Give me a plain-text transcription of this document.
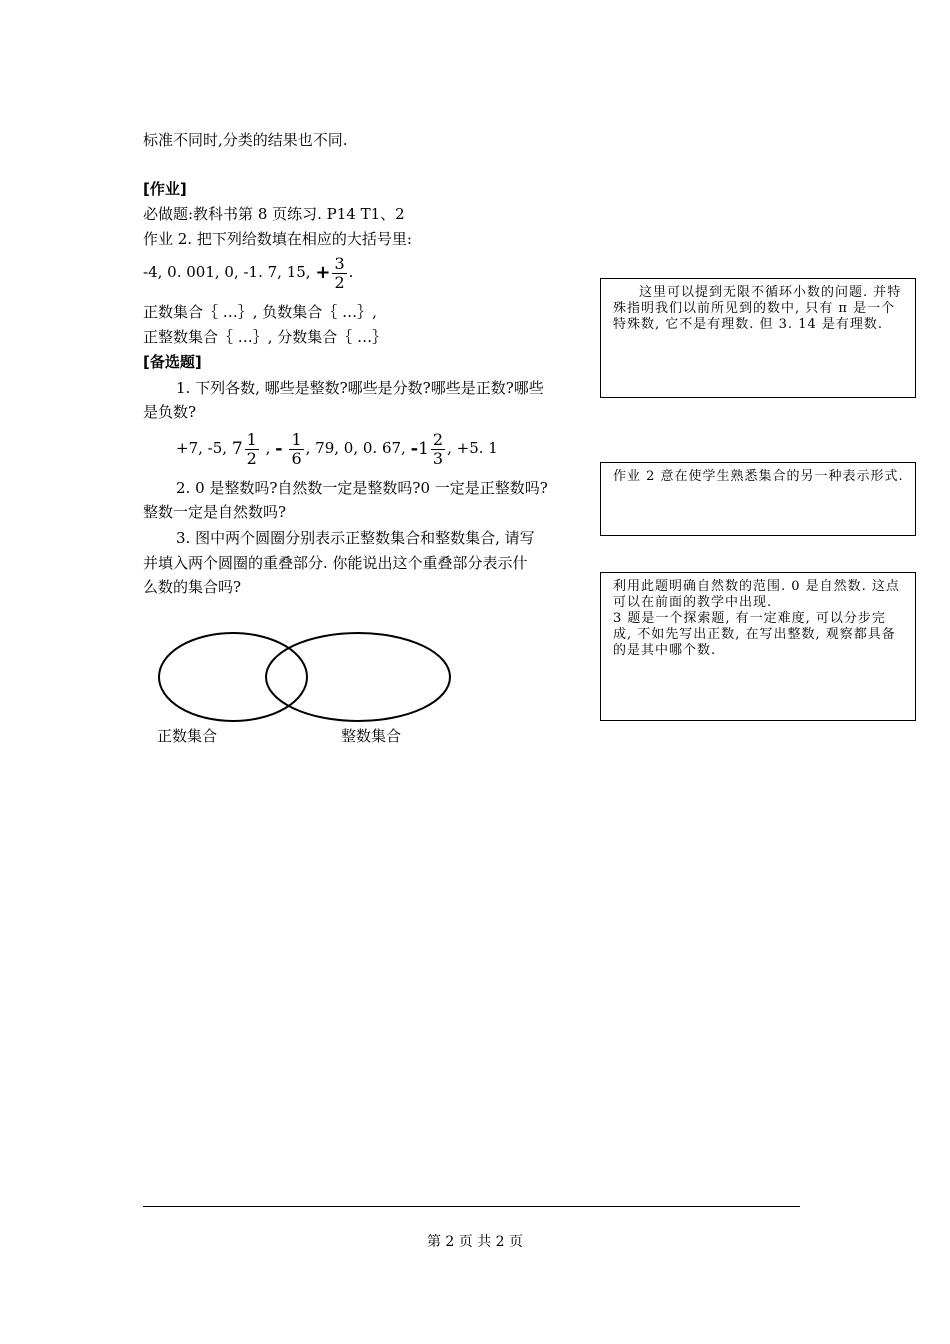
标准不同时,分类的结果也不同.
[作业]
必做题:教科书第 8 页练习. P14 T1、2
作业 2. 把下列给数填在相应的大括号里:
-4, 0. 001, 0, -1. 7, 15, + $\frac{3}{2}$ .
正数集合｛ …｝, 负数集合｛ …｝,
正整数集合｛ …｝, 分数集合｛ …｝
[备选题]
1. 下列各数, 哪些是整数?哪些是分数?哪些是正数?哪些
是负数?
+7, -5, $7 \frac{1}{2}$ , - $\frac{1}{6}$ , 79, 0, 0. 67, $-1 \frac{2}{3}$ , +5. 1
2. 0 是整数吗?自然数一定是整数吗?0 一定是正整数吗?
整数一定是自然数吗?
3. 图中两个圆圈分别表示正整数集合和整数集合, 请写
并填入两个圆圈的重叠部分. 你能说出这个重叠部分表示什
么数的集合吗?
正数集合	整数集合

这里可以提到无限不循环小数的问题. 并特殊指明我们以前所见到的数中, 只有 π 是一个特殊数, 它不是有理数. 但 3. 14 是有理数.

作业 2 意在使学生熟悉集合的另一种表示形式.

利用此题明确自然数的范围. 0 是自然数. 这点可以在前面的教学中出现.

3 题是一个探索题, 有一定难度, 可以分步完成, 不如先写出正数, 在写出整数, 观察都具备的是其中哪个数.

第 2 页 共 2 页
